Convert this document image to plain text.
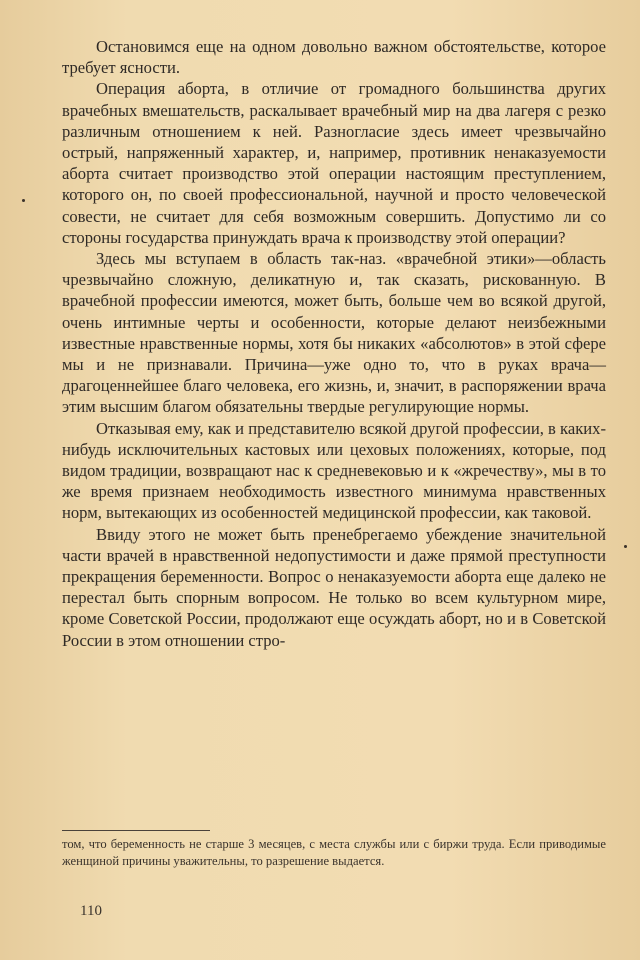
Остановимся еще на одном довольно важном обстоятельстве, которое требует ясности.

Операция аборта, в отличие от громадного большинства других врачебных вмешательств, раскалывает врачебный мир на два лагеря с резко различным отношением к ней. Разногласие здесь имеет чрезвычайно острый, напряженный характер, и, например, противник ненаказуемости аборта считает производство этой операции настоящим преступлением, которого он, по своей профессиональной, научной и просто человеческой совести, не считает для себя возможным совершить. Допустимо ли со стороны государства принуждать врача к производству этой операции?

Здесь мы вступаем в область так-наз. «врачебной этики»—область чрезвычайно сложную, деликатную и, так сказать, рискованную. В врачебной профессии имеются, может быть, больше чем во всякой другой, очень интимные черты и особенности, которые делают неизбежными известные нравственные нормы, хотя бы никаких «абсолютов» в этой сфере мы и не признавали. Причина—уже одно то, что в руках врача—драгоценнейшее благо человека, его жизнь, и, значит, в распоряжении врача этим высшим благом обязательны твердые регулирующие нормы.

Отказывая ему, как и представителю всякой другой профессии, в каких-нибудь исключительных кастовых или цеховых положениях, которые, под видом традиции, возвращают нас к средневековью и к «жречеству», мы в то же время признаем необходимость известного минимума нравственных норм, вытекающих из особенностей медицинской профессии, как таковой.

Ввиду этого не может быть пренебрегаемо убеждение значительной части врачей в нравственной недопустимости и даже прямой преступности прекращения беременности. Вопрос о ненаказуемости аборта еще далеко не перестал быть спорным вопросом. Не только во всем культурном мире, кроме Советской России, продолжают еще осуждать аборт, но и в Советской России в этом отношении стро-

том, что беременность не старше 3 месяцев, с места службы или с биржи труда. Если приводимые женщиной причины уважительны, то разрешение выдается.

110
